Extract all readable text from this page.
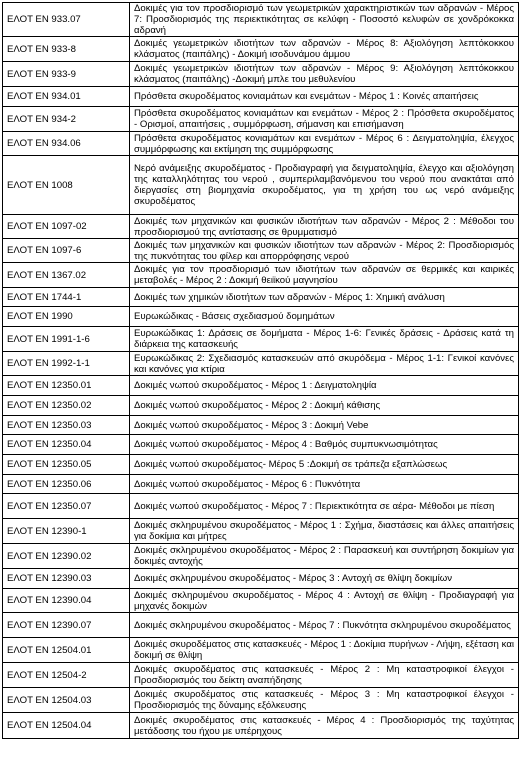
ΕΛΟΤ ΕΝ 933.07	Δοκιμές για τον προσδιορισμό των γεωμετρικών χαρακτηριστικών των αδρανών - Μέρος 7: Προσδιορισμός της περιεκτικότητας σε κελύφη - Ποσοστό κελυφών σε χονδρόκοκκα αδρανή
ΕΛΟΤ ΕΝ 933-8	Δοκιμές γεωμετρικών ιδιοτήτων των αδρανών - Μέρος 8: Αξιολόγηση λεπτόκοκκου κλάσματος (παιπάλης) - Δοκιμή ισοδυνάμου άμμου
ΕΛΟΤ ΕΝ 933-9	Δοκιμές γεωμετρικών ιδιοτήτων των αδρανών - Μέρος 9: Αξιολόγηση λεπτόκοκκου κλάσματος (παιπάλης) -Δοκιμή μπλε του μεθυλενίου
ΕΛΟΤ ΕΝ 934.01	Πρόσθετα σκυροδέματος κονιαμάτων και ενεμάτων - Μέρος 1 : Κοινές απαιτήσεις
ΕΛΟΤ ΕΝ 934-2	Πρόσθετα σκυροδέματος κονιαμάτων και ενεμάτων - Μέρος 2 : Πρόσθετα σκυροδέματος - Ορισμοί, απαιτήσεις , συμμόρφωση, σήμανση και επισήμανση
ΕΛΟΤ ΕΝ 934.06	Πρόσθετα σκυροδέματος κονιαμάτων και ενεμάτων - Μέρος 6 : Δειγματοληψία, έλεγχος συμμόρφωσης και εκτίμηση της συμμόρφωσης
ΕΛΟΤ ΕΝ 1008	Νερό ανάμειξης σκυροδέματος - Προδιαγραφή για δειγματοληψία, έλεγχο και αξιολόγηση της καταλληλότητας του νερού , συμπεριλαμβανόμενου του νερού που ανακτάται από διεργασίες στη βιομηχανία σκυροδέματος, για τη χρήση του ως νερό ανάμειξης σκυροδέματος
ΕΛΟΤ ΕΝ 1097-02	Δοκιμές των μηχανικών και φυσικών ιδιοτήτων των αδρανών - Μέρος 2 : Μέθοδοι του προσδιορισμού της αντίστασης σε θρυμματισμό
ΕΛΟΤ ΕΝ 1097-6	Δοκιμές των μηχανικών και φυσικών ιδιοτήτων των αδρανών - Μέρος 2: Προσδιορισμός της πυκνότητας του φίλερ και απορρόφησης νερού
ΕΛΟΤ ΕΝ 1367.02	Δοκιμές για τον προσδιορισμό των ιδιοτήτων των αδρανών σε θερμικές και καιρικές μεταβολές - Μέρος 2 : Δοκιμή θειϊκού μαγνησίου
ΕΛΟΤ ΕΝ 1744-1	Δοκιμές των χημικών ιδιοτήτων των αδρανών - Μέρος 1: Χημική ανάλυση
ΕΛΟΤ ΕΝ 1990	Ευρωκώδικας - Βάσεις σχεδιασμού δομημάτων
ΕΛΟΤ ΕΝ 1991-1-6	Ευρωκώδικας 1: Δράσεις σε δομήματα - Μέρος 1-6: Γενικές δράσεις - Δράσεις κατά τη διάρκεια της κατασκευής
ΕΛΟΤ ΕΝ 1992-1-1	Ευρωκώδικας 2: Σχεδιασμός κατασκευών από σκυρόδεμα - Μέρος 1-1: Γενικοί κανόνες και κανόνες για κτίρια
ΕΛΟΤ ΕΝ 12350.01	Δοκιμές νωπού σκυροδέματος - Μέρος 1 : Δειγματοληψία
ΕΛΟΤ ΕΝ 12350.02	Δοκιμές νωπού σκυροδέματος - Μέρος 2 : Δοκιμή κάθισης
ΕΛΟΤ ΕΝ 12350.03	Δοκιμές νωπού σκυροδέματος - Μέρος 3 : Δοκιμή Vebe
ΕΛΟΤ ΕΝ 12350.04	Δοκιμές νωπού σκυροδέματος - Μέρος 4 : Βαθμός συμπυκνωσιμότητας
ΕΛΟΤ ΕΝ 12350.05	Δοκιμές νωπού σκυροδέματος- Μέρος 5 :Δοκιμή σε τράπεζα εξαπλώσεως
ΕΛΟΤ ΕΝ 12350.06	Δοκιμές νωπού σκυροδέματος - Μέρος 6 : Πυκνότητα
ΕΛΟΤ ΕΝ 12350.07	Δοκιμές νωπού σκυροδέματος - Μέρος 7 : Περιεκτικότητα σε αέρα- Μέθοδοι με πίεση
ΕΛΟΤ ΕΝ 12390-1	Δοκιμές σκληρυμένου σκυροδέματος - Μέρος 1 : Σχήμα, διαστάσεις και άλλες απαιτήσεις για δοκίμια και μήτρες
ΕΛΟΤ ΕΝ 12390.02	Δοκιμές σκληρυμένου σκυροδέματος - Μέρος 2 : Παρασκευή και συντήρηση δοκιμίων για δοκιμές αντοχής
ΕΛΟΤ ΕΝ 12390.03	Δοκιμές σκληρυμένου σκυροδέματος - Μέρος 3 : Αντοχή σε θλίψη δοκιμίων
ΕΛΟΤ ΕΝ 12390.04	Δοκιμές σκληρυμένου σκυροδέματος - Μέρος 4 : Αντοχή σε θλίψη - Προδιαγραφή για μηχανές δοκιμών
ΕΛΟΤ ΕΝ 12390.07	Δοκιμές σκληρυμένου σκυροδέματος - Μέρος 7 : Πυκνότητα σκληρυμένου σκυροδέματος
ΕΛΟΤ ΕΝ 12504.01	Δοκιμές σκυροδέματος στις κατασκευές - Μέρος 1 : Δοκίμια πυρήνων - Λήψη, εξέταση και δοκιμή σε θλίψη
ΕΛΟΤ ΕΝ 12504-2	Δοκιμές σκυροδέματος στις κατασκευές - Μέρος 2 : Μη καταστροφικοί έλεγχοι - Προσδιορισμός του δείκτη αναπήδησης
ΕΛΟΤ ΕΝ 12504.03	Δοκιμές σκυροδέματος στις κατασκευές - Μέρος 3 : Μη καταστροφικοί έλεγχοι - Προσδιορισμός της δύναμης εξόλκευσης
ΕΛΟΤ ΕΝ 12504.04	Δοκιμές σκυροδέματος στις κατασκευές - Μέρος 4 : Προσδιορισμός της ταχύτητας μετάδοσης του ήχου με υπέρηχους
